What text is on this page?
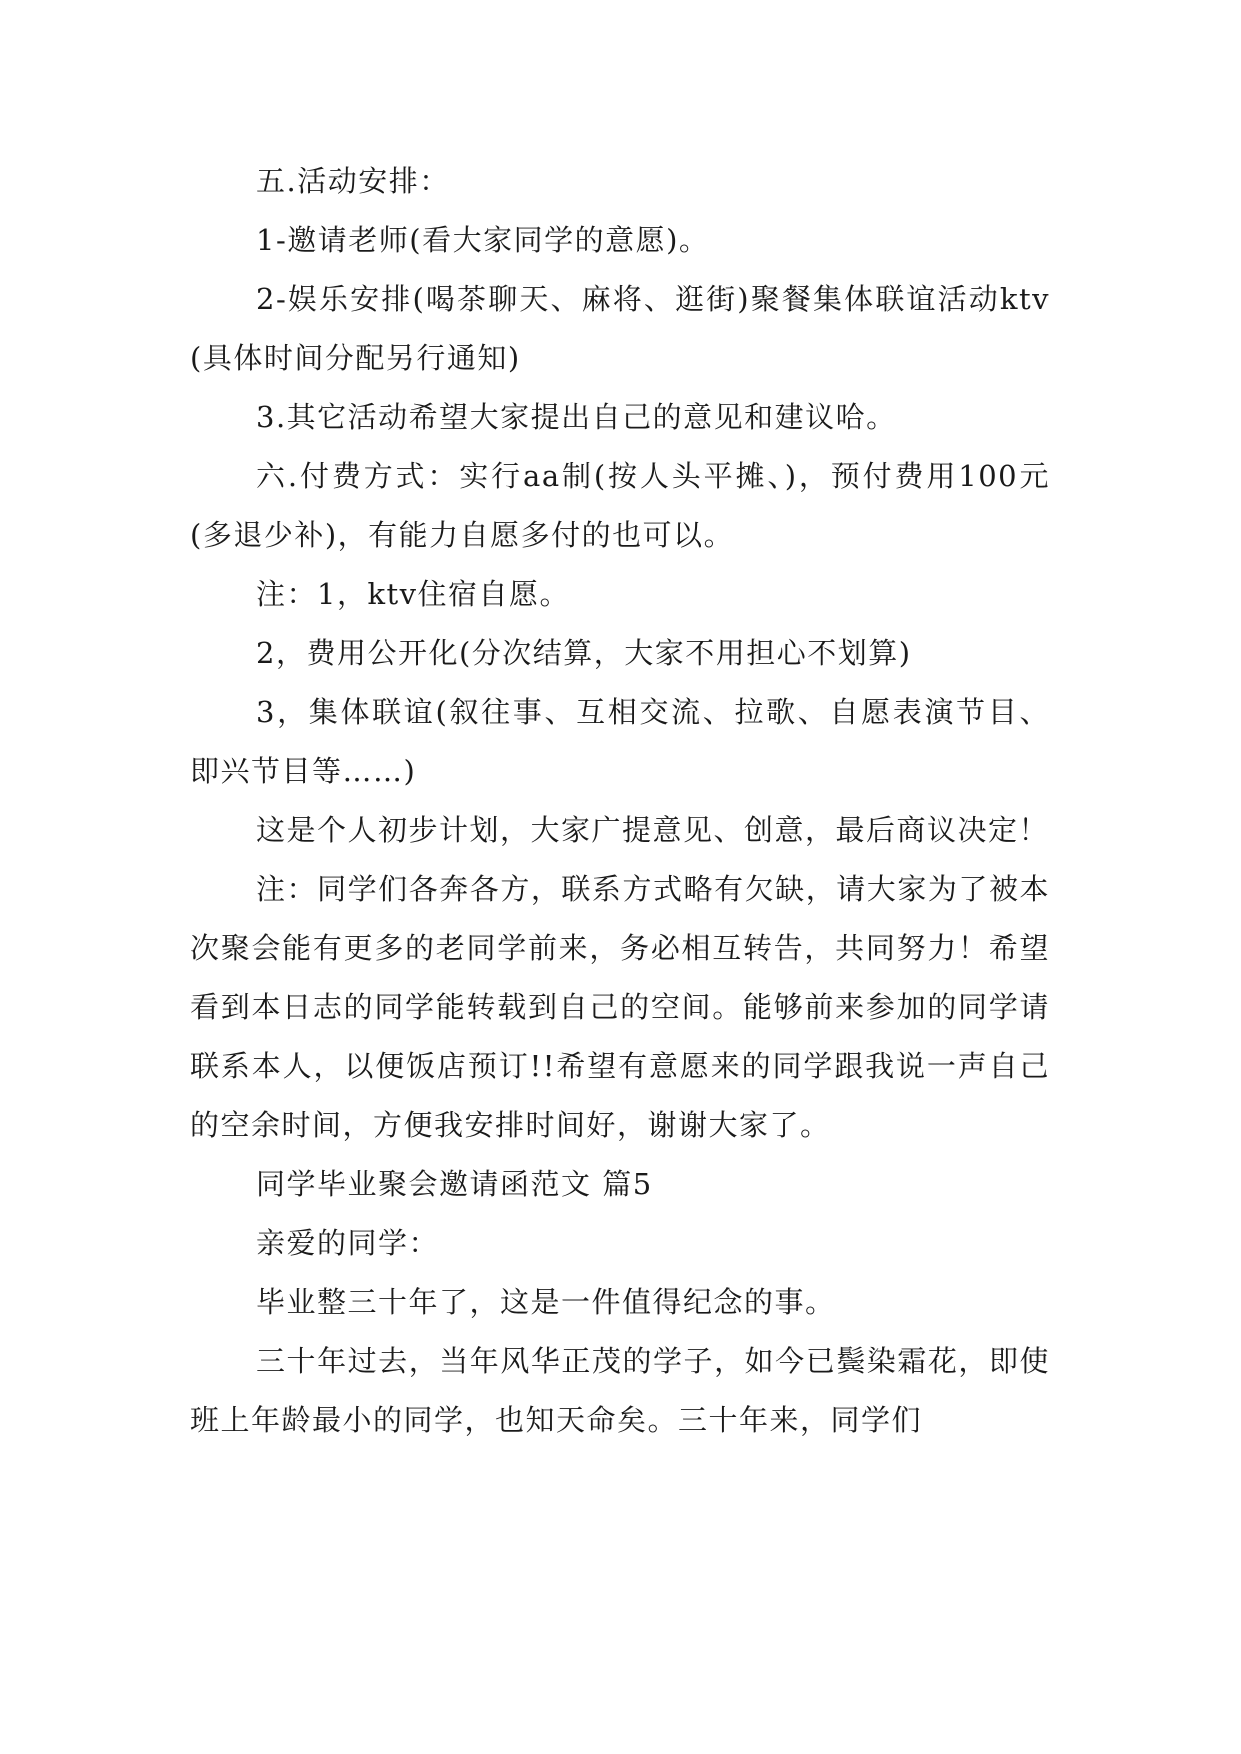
五.活动安排：

1-邀请老师(看大家同学的意愿)。

2-娱乐安排(喝茶聊天、麻将、逛街)聚餐集体联谊活动ktv(具体时间分配另行通知)

3.其它活动希望大家提出自己的意见和建议哈。

六.付费方式：实行aa制(按人头平摊、)，预付费用100元(多退少补)，有能力自愿多付的也可以。

注：1，ktv住宿自愿。

2，费用公开化(分次结算，大家不用担心不划算)

3，集体联谊(叙往事、互相交流、拉歌、自愿表演节目、即兴节目等……)

这是个人初步计划，大家广提意见、创意，最后商议决定！

注：同学们各奔各方，联系方式略有欠缺，请大家为了被本次聚会能有更多的老同学前来，务必相互转告，共同努力！希望看到本日志的同学能转载到自己的空间。能够前来参加的同学请联系本人，以便饭店预订!!希望有意愿来的同学跟我说一声自己的空余时间，方便我安排时间好，谢谢大家了。

同学毕业聚会邀请函范文 篇5

亲爱的同学：

毕业整三十年了，这是一件值得纪念的事。

三十年过去，当年风华正茂的学子，如今已鬓染霜花，即使班上年龄最小的同学，也知天命矣。三十年来，同学们
